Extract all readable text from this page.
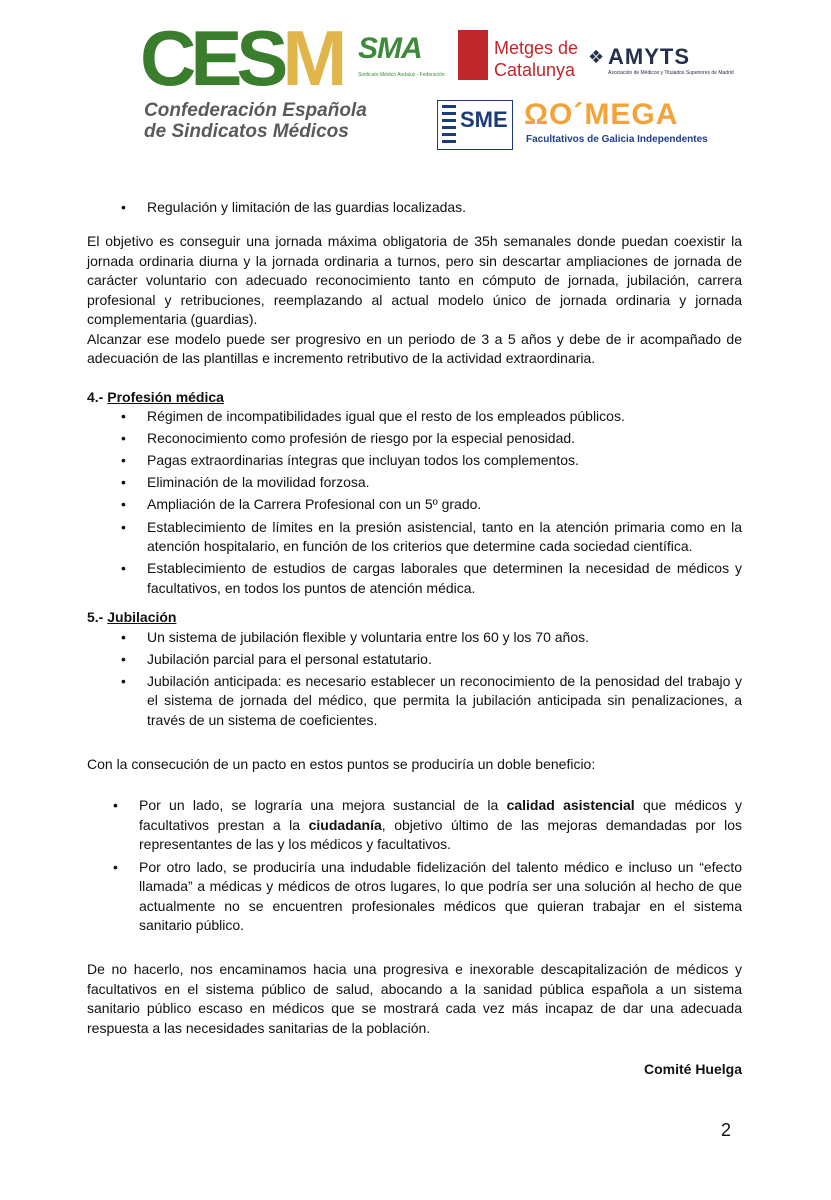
CESM
Confederación Española
de Sindicatos Médicos
SMA
Sindicato Médico Andaluz - Federación
Metges de
Catalunya
❖ AMYTS
Asociación de Médicos y Titulados Superiores de Madrid
SME ΩO´MEGA
Facultativos de Galicia Independentes
• Regulación y limitación de las guardias localizadas.

El objetivo es conseguir una jornada máxima obligatoria de 35h semanales donde puedan coexistir la jornada ordinaria diurna y la jornada ordinaria a turnos, pero sin descartar ampliaciones de jornada de carácter voluntario con adecuado reconocimiento tanto en cómputo de jornada, jubilación, carrera profesional y retribuciones, reemplazando al actual modelo único de jornada ordinaria y jornada complementaria (guardias).

Alcanzar ese modelo puede ser progresivo en un periodo de 3 a 5 años y debe de ir acompañado de adecuación de las plantillas e incremento retributivo de la actividad extraordinaria.

4.- Profesión médica
• Régimen de incompatibilidades igual que el resto de los empleados públicos.
• Reconocimiento como profesión de riesgo por la especial penosidad.
• Pagas extraordinarias íntegras que incluyan todos los complementos.
• Eliminación de la movilidad forzosa.
• Ampliación de la Carrera Profesional con un 5º grado.
• Establecimiento de límites en la presión asistencial, tanto en la atención primaria como en la atención hospitalario, en función de los criterios que determine cada sociedad científica.
• Establecimiento de estudios de cargas laborales que determinen la necesidad de médicos y facultativos, en todos los puntos de atención médica.
5.- Jubilación
• Un sistema de jubilación flexible y voluntaria entre los 60 y los 70 años.
• Jubilación parcial para el personal estatutario.
• Jubilación anticipada: es necesario establecer un reconocimiento de la penosidad del trabajo y el sistema de jornada del médico, que permita la jubilación anticipada sin penalizaciones, a través de un sistema de coeficientes.

Con la consecución de un pacto en estos puntos se produciría un doble beneficio:

• Por un lado, se lograría una mejora sustancial de la calidad asistencial que médicos y facultativos prestan a la ciudadanía, objetivo último de las mejoras demandadas por los representantes de las y los médicos y facultativos.
• Por otro lado, se produciría una indudable fidelización del talento médico e incluso un “efecto llamada” a médicas y médicos de otros lugares, lo que podría ser una solución al hecho de que actualmente no se encuentren profesionales médicos que quieran trabajar en el sistema sanitario público.

De no hacerlo, nos encaminamos hacia una progresiva e inexorable descapitalización de médicos y facultativos en el sistema público de salud, abocando a la sanidad pública española a un sistema sanitario público escaso en médicos que se mostrará cada vez más incapaz de dar una adecuada respuesta a las necesidades sanitarias de la población.

Comité Huelga
2
